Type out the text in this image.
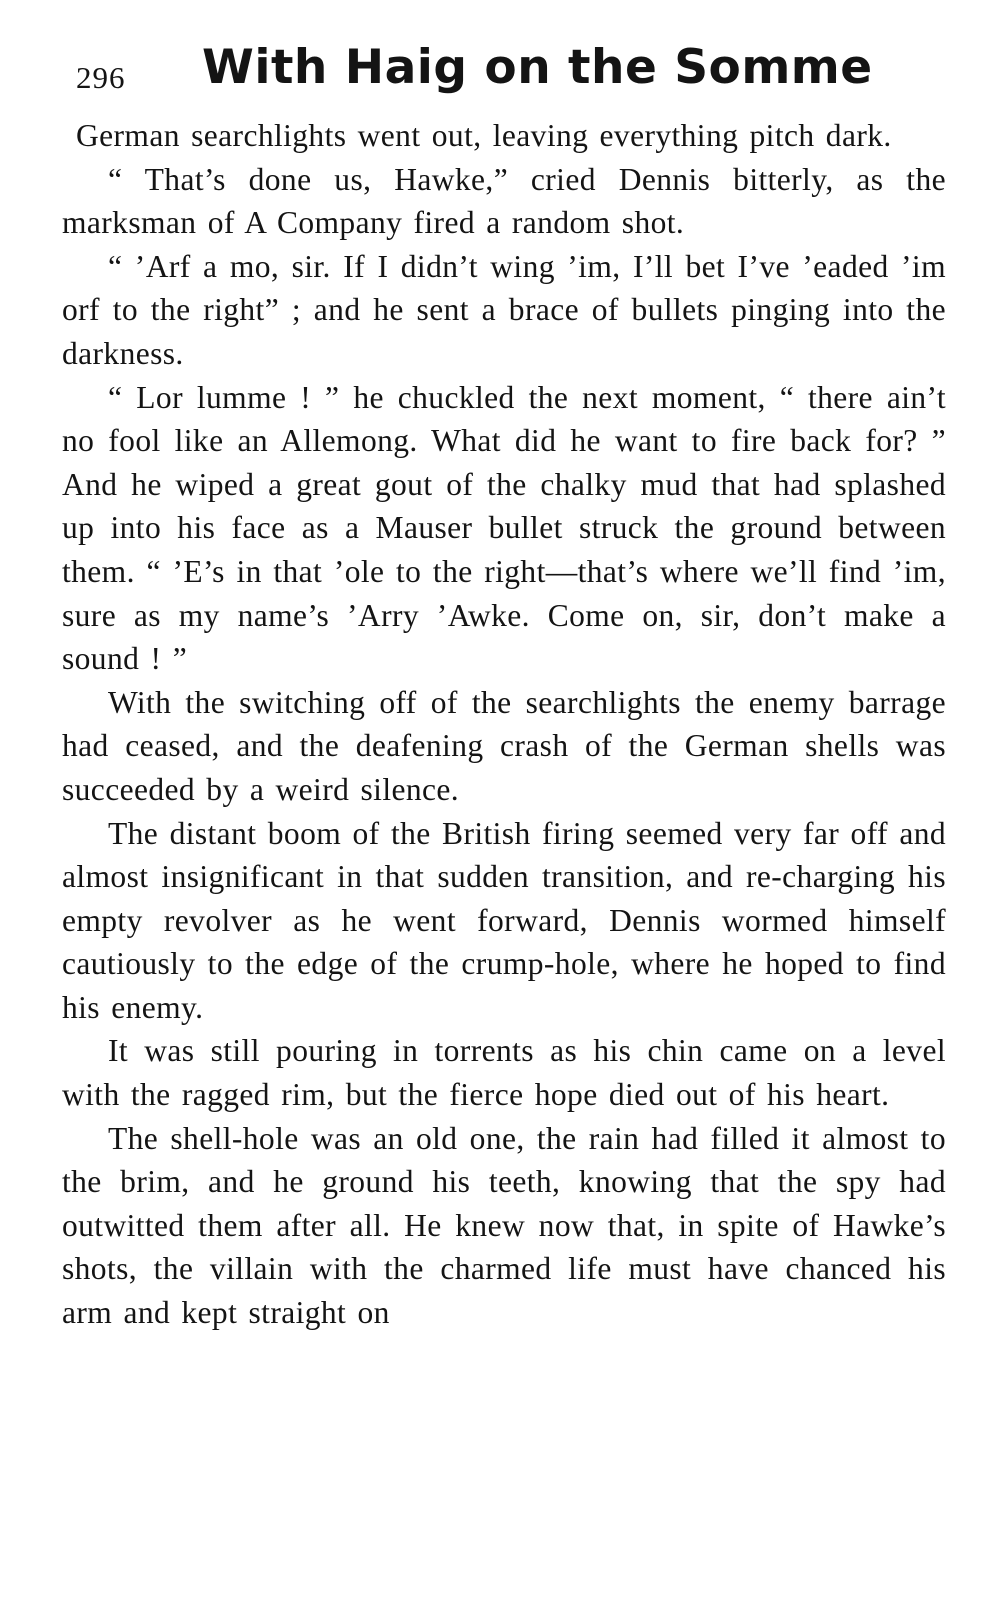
296 With Haig on the Somme

German searchlights went out, leaving everything pitch dark.

“ That’s done us, Hawke,” cried Dennis bitterly, as the marksman of A Company fired a random shot.

“ ’Arf a mo, sir. If I didn’t wing ’im, I’ll bet I’ve ’eaded ’im orf to the right” ; and he sent a brace of bullets pinging into the darkness.

“ Lor lumme ! ” he chuckled the next moment, “ there ain’t no fool like an Allemong. What did he want to fire back for? ” And he wiped a great gout of the chalky mud that had splashed up into his face as a Mauser bullet struck the ground between them. “ ’E’s in that ’ole to the right—that’s where we’ll find ’im, sure as my name’s ’Arry ’Awke. Come on, sir, don’t make a sound ! ”

With the switching off of the searchlights the enemy barrage had ceased, and the deafening crash of the German shells was succeeded by a weird silence.

The distant boom of the British firing seemed very far off and almost insignificant in that sudden transition, and re-charging his empty revolver as he went forward, Dennis wormed himself cautiously to the edge of the crump-hole, where he hoped to find his enemy.

It was still pouring in torrents as his chin came on a level with the ragged rim, but the fierce hope died out of his heart.

The shell-hole was an old one, the rain had filled it almost to the brim, and he ground his teeth, knowing that the spy had outwitted them after all. He knew now that, in spite of Hawke’s shots, the villain with the charmed life must have chanced his arm and kept straight on
